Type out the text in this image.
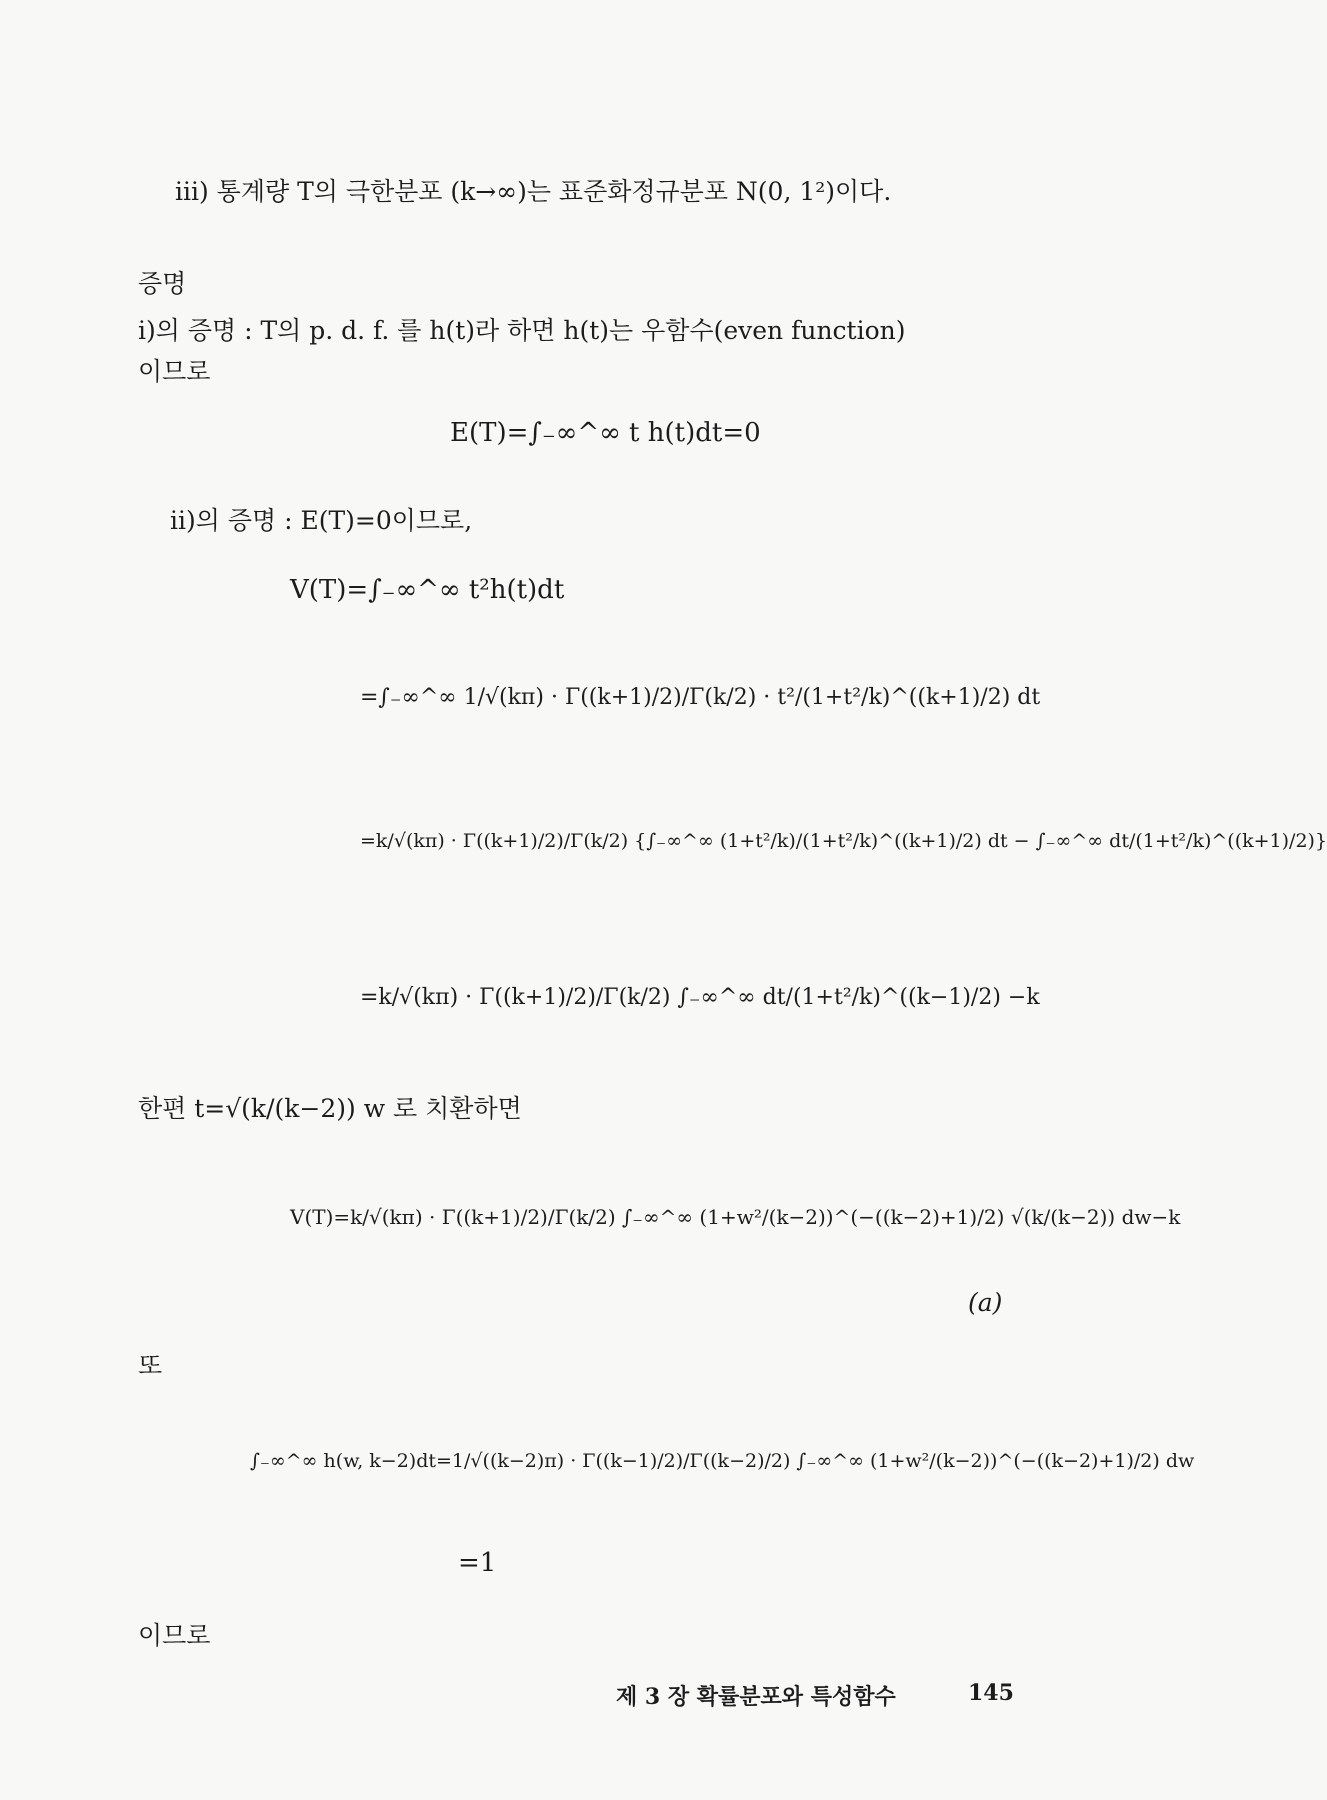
iii) 통계량 T의 극한분포 (k→∞)는 표준화정규분포 N(0, 1²)이다.
증명
i)의 증명 : T의 p. d. f. 를 h(t)라 하면 h(t)는 우함수(even function)
이므로
E(T)=∫₋∞^∞ t h(t)dt=0
ii)의 증명 : E(T)=0이므로,
V(T)=∫₋∞^∞ t²h(t)dt
=∫₋∞^∞ 1/√(kπ) · Γ((k+1)/2)/Γ(k/2) · t²/(1+t²/k)^((k+1)/2) dt
=k/√(kπ) · Γ((k+1)/2)/Γ(k/2) {∫₋∞^∞ (1+t²/k)/(1+t²/k)^((k+1)/2) dt − ∫₋∞^∞ dt/(1+t²/k)^((k+1)/2)}
=k/√(kπ) · Γ((k+1)/2)/Γ(k/2) ∫₋∞^∞ dt/(1+t²/k)^((k−1)/2) −k
한편 t=√(k/(k−2)) w 로 치환하면
V(T)=k/√(kπ) · Γ((k+1)/2)/Γ(k/2) ∫₋∞^∞ (1+w²/(k−2))^(−((k−2)+1)/2) √(k/(k−2)) dw−k
(a)
또
∫₋∞^∞ h(w, k−2)dt=1/√((k−2)π) · Γ((k−1)/2)/Γ((k−2)/2) ∫₋∞^∞ (1+w²/(k−2))^(−((k−2)+1)/2) dw
=1
이므로
제 3 장 확률분포와 특성함수	145
